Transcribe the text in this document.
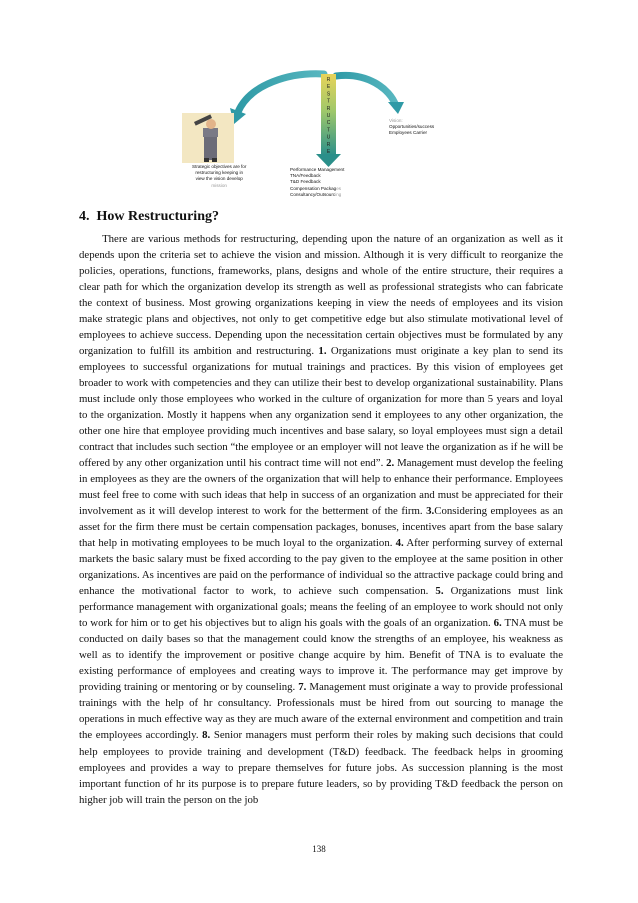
R
E
S
T
R
U
C
T
U
R
E
Strategic objectives are for
restructuring keeping in
view the vision develop
mission
Performance Management
TNA/Feedback
T&D Feedback
Compensation Packages
Consultancy/Outsourcing
Vision:
Opportunities/success
Employees Carrier
4. How Restructuring?

There are various methods for restructuring, depending upon the nature of an organization as well as it depends upon the criteria set to achieve the vision and mission. Although it is very difficult to reorganize the policies, operations, functions, frameworks, plans, designs and whole of the entire structure, their requires a clear path for which the organization develop its strength as well as professional strategists who can fabricate the context of business. Most growing organizations keeping in view the needs of employees and its vision make strategic plans and objectives, not only to get competitive edge but also stimulate motivational level of employees to achieve success. Depending upon the necessitation certain objectives must be formulated by any organization to fulfill its ambition and restructuring. 1. Organizations must originate a key plan to send its employees to successful organizations for mutual trainings and practices. By this vision of employees get broader to work with competencies and they can utilize their best to develop organizational sustainability. Plans must include only those employees who worked in the culture of organization for more than 5 years and loyal to the organization. Mostly it happens when any organization send it employees to any other organization, the other one hire that employee providing much incentives and base salary, so loyal employees must sign a detail contract that includes such section “the employee or an employer will not leave the organization as if he will be offered by any other organization until his contract time will not end”. 2. Management must develop the feeling in employees as they are the owners of the organization that will help to enhance their performance. Employees must feel free to come with such ideas that help in success of an organization and must be appreciated for their involvement as it will develop interest to work for the betterment of the firm. 3.Considering employees as an asset for the firm there must be certain compensation packages, bonuses, incentives apart from the base salary that help in motivating employees to be much loyal to the organization. 4. After performing survey of external markets the basic salary must be fixed according to the pay given to the employee at the same position in other organizations. As incentives are paid on the performance of individual so the attractive package could bring and enhance the motivational factor to work, to achieve such compensation. 5. Organizations must link performance management with organizational goals; means the feeling of an employee to work should not only to work for him or to get his objectives but to align his goals with the goals of an organization. 6. TNA must be conducted on daily bases so that the management could know the strengths of an employee, his weakness as well as to identify the improvement or positive change acquire by him. Benefit of TNA is to evaluate the existing performance of employees and creating ways to improve it. The performance may get improve by providing training or mentoring or by counseling. 7. Management must originate a way to provide professional trainings with the help of hr consultancy. Professionals must be hired from out sourcing to manage the operations in much effective way as they are much aware of the external environment and competition and train the employees accordingly. 8. Senior managers must perform their roles by making such decisions that could help employees to provide training and development (T&D) feedback. The feedback helps in grooming employees and provides a way to prepare themselves for future jobs. As succession planning is the most important function of hr its purpose is to prepare future leaders, so by providing T&D feedback the person on higher job will train the person on the job

138
